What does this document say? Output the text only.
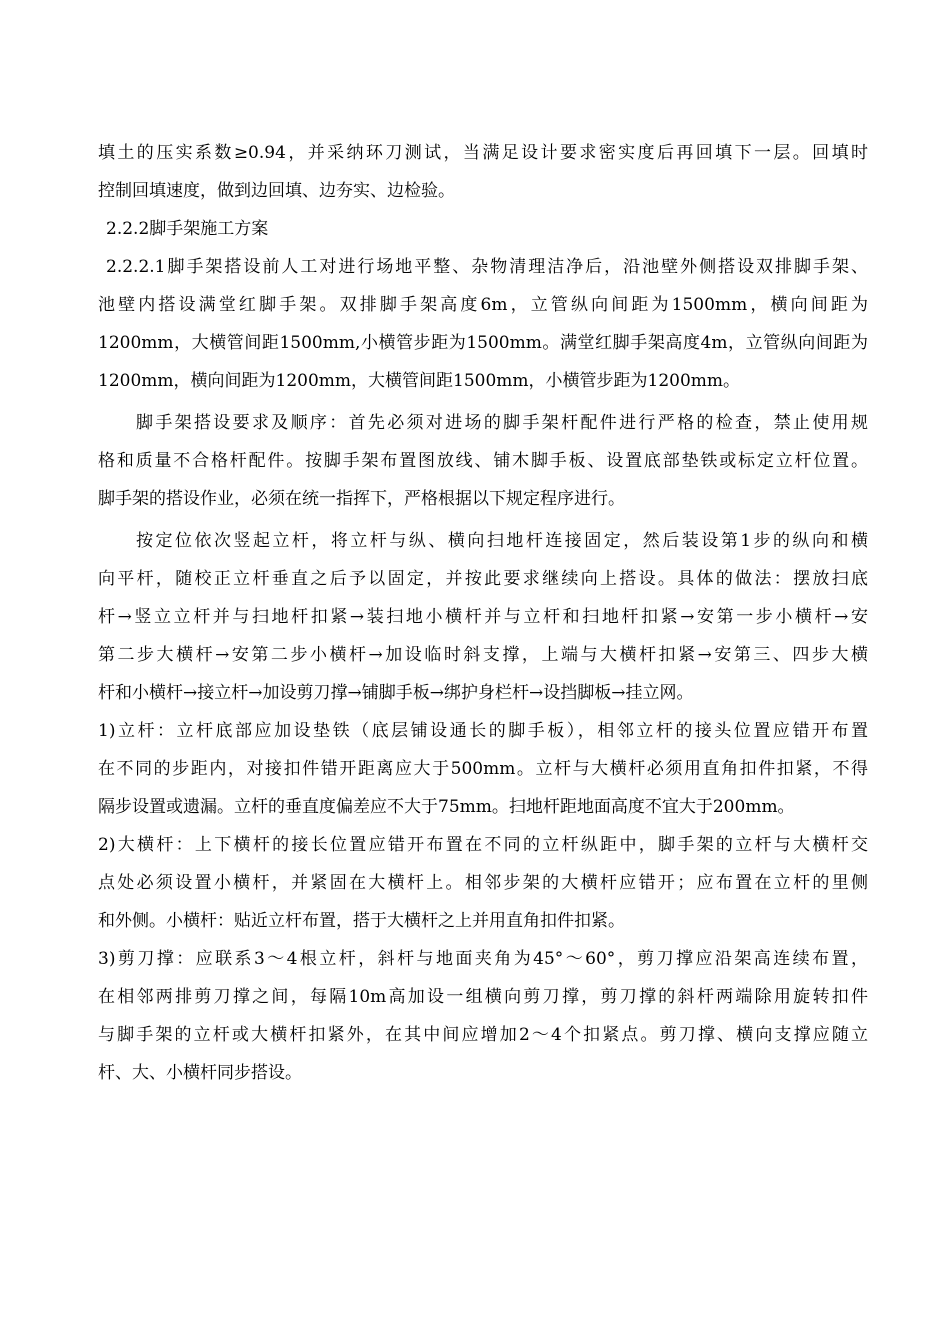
填土的压实系数≥0.94，并采纳环刀测试，当满足设计要求密实度后再回填下一层。回填时
控制回填速度，做到边回填、边夯实、边检验。
2.2.2脚手架施工方案
2.2.2.1脚手架搭设前人工对进行场地平整、杂物清理洁净后，沿池壁外侧搭设双排脚手架、
池壁内搭设满堂红脚手架。双排脚手架高度6m，立管纵向间距为1500mm，横向间距为
1200mm，大横管间距1500mm,小横管步距为1500mm。满堂红脚手架高度4m，立管纵向间距为
1200mm，横向间距为1200mm，大横管间距1500mm，小横管步距为1200mm。
脚手架搭设要求及顺序：首先必须对进场的脚手架杆配件进行严格的检查，禁止使用规
格和质量不合格杆配件。按脚手架布置图放线、铺木脚手板、设置底部垫铁或标定立杆位置。
脚手架的搭设作业，必须在统一指挥下，严格根据以下规定程序进行。
按定位依次竖起立杆，将立杆与纵、横向扫地杆连接固定，然后装设第1步的纵向和横
向平杆，随校正立杆垂直之后予以固定，并按此要求继续向上搭设。具体的做法：摆放扫底
杆→竖立立杆并与扫地杆扣紧→装扫地小横杆并与立杆和扫地杆扣紧→安第一步小横杆→安
第二步大横杆→安第二步小横杆→加设临时斜支撑，上端与大横杆扣紧→安第三、四步大横
杆和小横杆→接立杆→加设剪刀撑→铺脚手板→绑护身栏杆→设挡脚板→挂立网。
1)立杆：立杆底部应加设垫铁（底层铺设通长的脚手板），相邻立杆的接头位置应错开布置
在不同的步距内，对接扣件错开距离应大于500mm。立杆与大横杆必须用直角扣件扣紧，不得
隔步设置或遗漏。立杆的垂直度偏差应不大于75mm。扫地杆距地面高度不宜大于200mm。
2)大横杆：上下横杆的接长位置应错开布置在不同的立杆纵距中，脚手架的立杆与大横杆交
点处必须设置小横杆，并紧固在大横杆上。相邻步架的大横杆应错开；应布置在立杆的里侧
和外侧。小横杆：贴近立杆布置，搭于大横杆之上并用直角扣件扣紧。
3)剪刀撑：应联系3～4根立杆，斜杆与地面夹角为45°～60°，剪刀撑应沿架高连续布置，
在相邻两排剪刀撑之间，每隔10m高加设一组横向剪刀撑，剪刀撑的斜杆两端除用旋转扣件
与脚手架的立杆或大横杆扣紧外，在其中间应增加2～4个扣紧点。剪刀撑、横向支撑应随立
杆、大、小横杆同步搭设。
